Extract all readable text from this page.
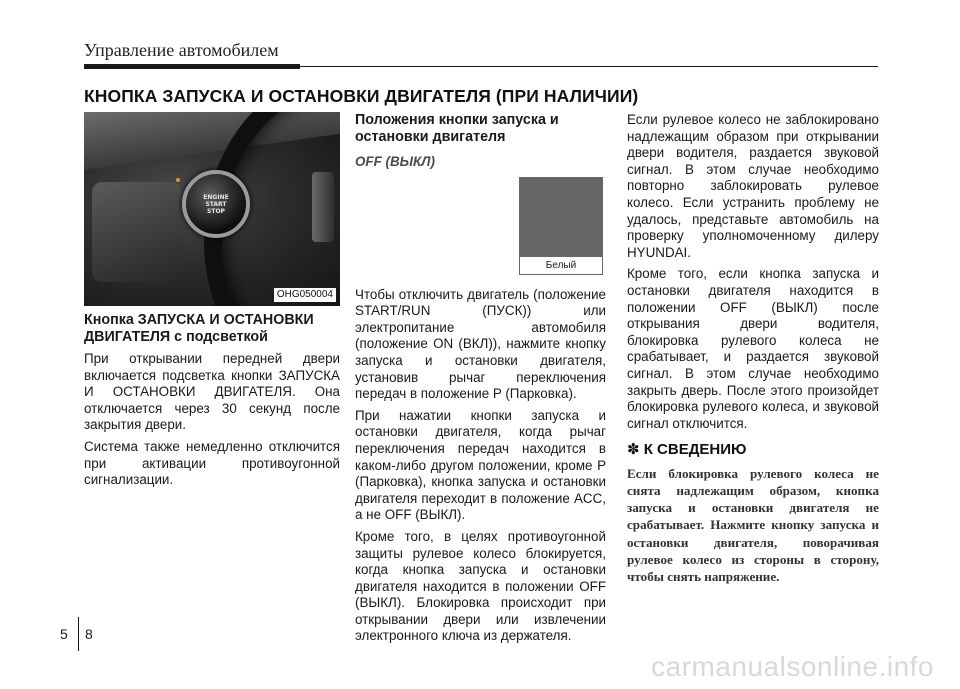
Управление автомобилем
КНОПКА ЗАПУСКА И ОСТАНОВКИ ДВИГАТЕЛЯ (ПРИ НАЛИЧИИ)
ENGINE
START
STOP
OHG050004
Кнопка ЗАПУСКА И ОСТАНОВКИ ДВИГАТЕЛЯ с подсветкой

При открывании передней двери включается подсветка кнопки ЗАПУСКА И ОСТАНОВКИ ДВИГАТЕЛЯ. Она отключается через 30 секунд после закрытия двери.

Система также немедленно отключится при активации противоугонной сигнализации.

Положения кнопки запуска и остановки двигателя
OFF (ВЫКЛ)
Белый

Чтобы отключить двигатель (положение START/RUN (ПУСК)) или электропитание автомобиля (положение ON (ВКЛ)), нажмите кнопку запуска и остановки двигателя, установив рычаг переключения передач в положение P (Парковка).

При нажатии кнопки запуска и остановки двигателя, когда рычаг переключения передач находится в каком-либо другом положении, кроме P (Парковка), кнопка запуска и остановки двигателя переходит в положение ACC, а не OFF (ВЫКЛ).

Кроме того, в целях противоугонной защиты рулевое колесо блокируется, когда кнопка запуска и остановки двигателя находится в положении OFF (ВЫКЛ). Блокировка происходит при открывании двери или извлечении электронного ключа из держателя.

Если рулевое колесо не заблокировано надлежащим образом при открывании двери водителя, раздается звуковой сигнал. В этом случае необходимо повторно заблокировать рулевое колесо. Если устранить проблему не удалось, представьте автомобиль на проверку уполномоченному дилеру HYUNDAI.

Кроме того, если кнопка запуска и остановки двигателя находится в положении OFF (ВЫКЛ) после открывания двери водителя, блокировка рулевого колеса не срабатывает, и раздается звуковой сигнал. В этом случае необходимо закрыть дверь. После этого произойдет блокировка рулевого колеса, и звуковой сигнал отключится.

✽ К СВЕДЕНИЮ

Если блокировка рулевого колеса не снята надлежащим образом, кнопка запуска и остановки двигателя не срабатывает. Нажмите кнопку запуска и остановки двигателя, поворачивая рулевое колесо из стороны в сторону, чтобы снять напряжение.

5 8
carmanualsonline.info
